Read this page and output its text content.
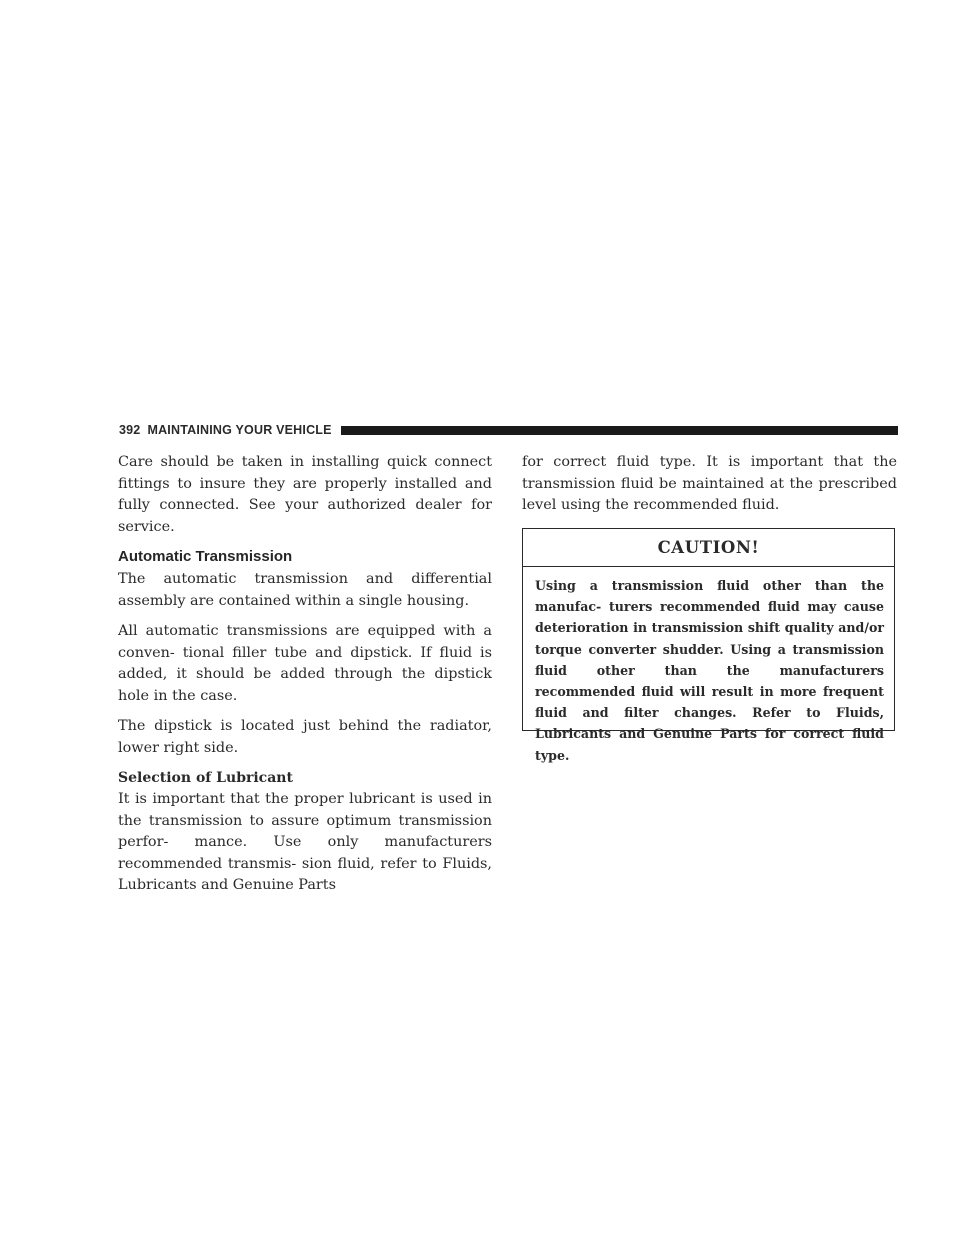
392 MAINTAINING YOUR VEHICLE

Care should be taken in installing quick connect fittings to insure they are properly installed and fully connected. See your authorized dealer for service.

Automatic Transmission

The automatic transmission and differential assembly are contained within a single housing.

All automatic transmissions are equipped with a conven- tional filler tube and dipstick. If fluid is added, it should be added through the dipstick hole in the case.

The dipstick is located just behind the radiator, lower right side.

Selection of Lubricant

It is important that the proper lubricant is used in the transmission to assure optimum transmission perfor- mance. Use only manufacturers recommended transmis- sion fluid, refer to Fluids, Lubricants and Genuine Parts

for correct fluid type. It is important that the transmission fluid be maintained at the prescribed level using the recommended fluid.

CAUTION!

Using a transmission fluid other than the manufac- turers recommended fluid may cause deterioration in transmission shift quality and/or torque converter shudder. Using a transmission fluid other than the manufacturers recommended fluid will result in more frequent fluid and filter changes. Refer to Fluids, Lubricants and Genuine Parts for correct fluid type.
